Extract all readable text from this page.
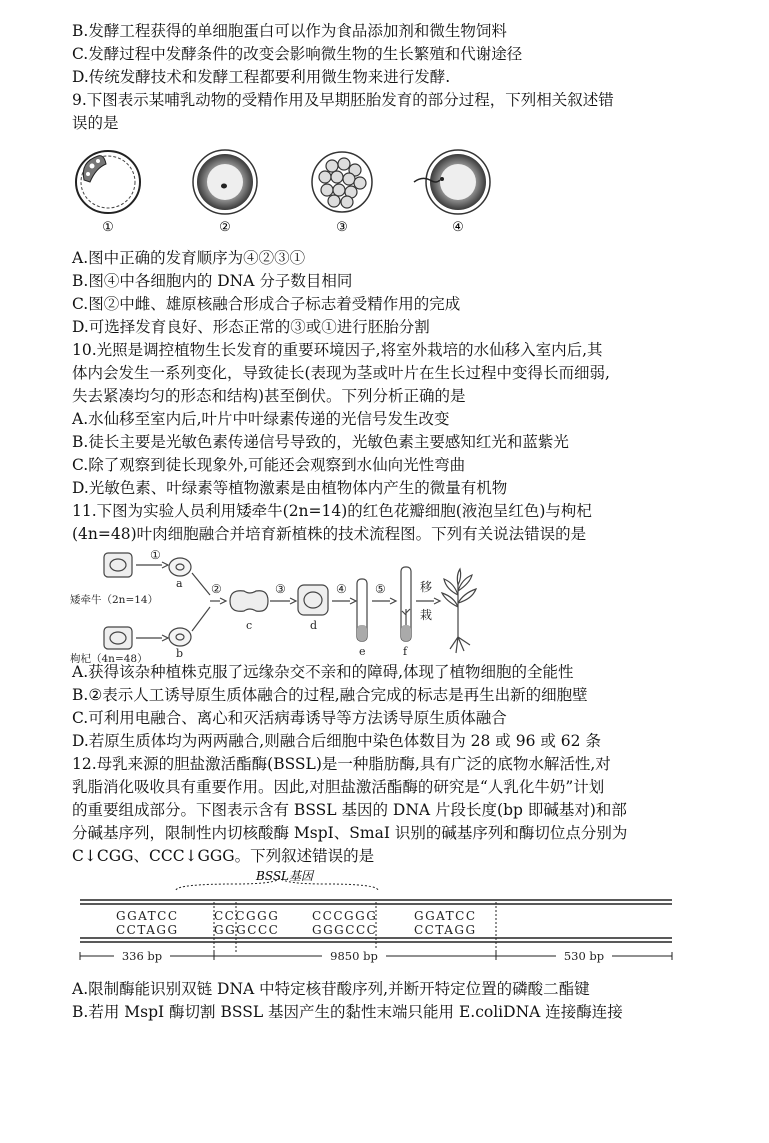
B.发酵工程获得的单细胞蛋白可以作为食品添加剂和微生物饲料
C.发酵过程中发酵条件的改变会影响微生物的生长繁殖和代谢途径
D.传统发酵技术和发酵工程都要利用微生物来进行发酵.
9.下图表示某哺乳动物的受精作用及早期胚胎发育的部分过程，下列相关叙述错
误的是
①	②	③	④
A.图中正确的发育顺序为④②③①
B.图④中各细胞内的 DNA 分子数目相同
C.图②中雌、雄原核融合形成合子标志着受精作用的完成
D.可选择发育良好、形态正常的③或①进行胚胎分割
10.光照是调控植物生长发育的重要环境因子,将室外栽培的水仙移入室内后,其
体内会发生一系列变化，导致徒长(表现为茎或叶片在生长过程中变得长而细弱,
失去紧凑均匀的形态和结构)甚至倒伏。下列分析正确的是
A.水仙移至室内后,叶片中叶绿素传递的光信号发生改变
B.徒长主要是光敏色素传递信号导致的，光敏色素主要感知红光和蓝紫光
C.除了观察到徒长现象外,可能还会观察到水仙向光性弯曲
D.光敏色素、叶绿素等植物激素是由植物体内产生的微量有机物
11.下图为实验人员利用矮牵牛(2n=14)的红色花瓣细胞(液泡呈红色)与枸杞
(4n=48)叶肉细胞融合并培育新植株的技术流程图。下列有关说法错误的是
矮牵牛（2n=14）
枸杞（4n=48）
①
②	③	④ ⑤
a
b
c	d
e	f
移
栽
A.获得该杂种植株克服了远缘杂交不亲和的障碍,体现了植物细胞的全能性
B.②表示人工诱导原生质体融合的过程,融合完成的标志是再生出新的细胞壁
C.可利用电融合、离心和灭活病毒诱导等方法诱导原生质体融合
D.若原生质体均为两两融合,则融合后细胞中染色体数目为 28 或 96 或 62 条
12.母乳来源的胆盐激活酯酶(BSSL)是一种脂肪酶,具有广泛的底物水解活性,对
乳脂消化吸收具有重要作用。因此,对胆盐激活酯酶的研究是“人乳化牛奶”计划
的重要组成部分。下图表示含有 BSSL 基因的 DNA 片段长度(bp 即碱基对)和部
分碱基序列，限制性内切核酸酶 MspI、SmaI 识别的碱基序列和酶切位点分别为
C↓CGG、CCC↓GGG。下列叙述错误的是
BSSL基因
GGATCC	CCCGGG	CCCGGG	GGATCC
CCTAGG	GGGCCC	GGGCCC	CCTAGG
336 bp	9850 bp	530 bp
A.限制酶能识别双链 DNA 中特定核苷酸序列,并断开特定位置的磷酸二酯键
B.若用 MspI 酶切割 BSSL 基因产生的黏性末端只能用 E.coliDNA 连接酶连接
